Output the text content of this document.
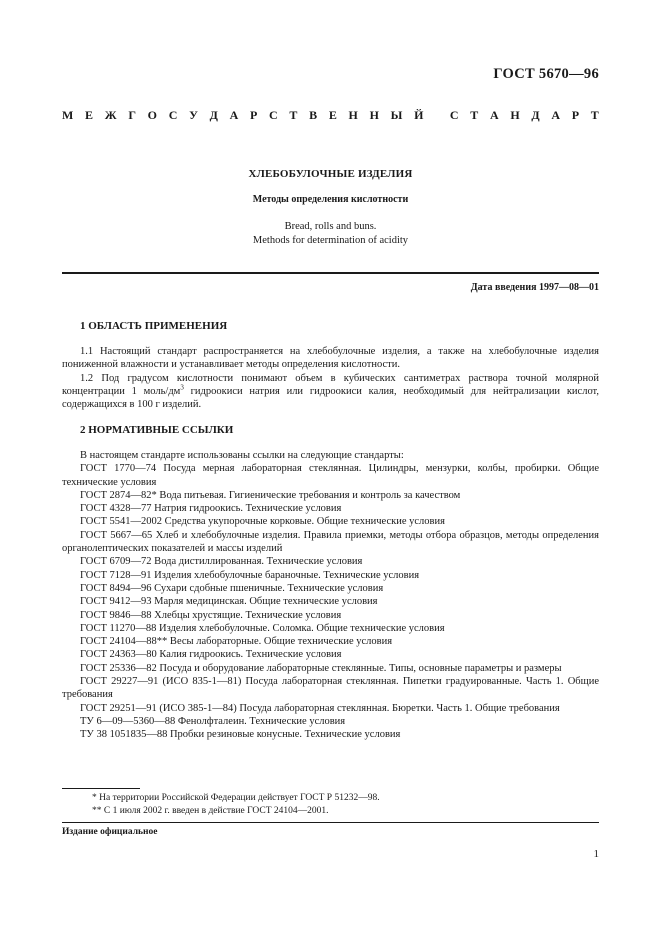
ГОСТ 5670—96
М Е Ж Г О С У Д А Р С Т В Е Н Н Ы Й
С Т А Н Д А Р Т
ХЛЕБОБУЛОЧНЫЕ ИЗДЕЛИЯ
Методы определения кислотности
Bread, rolls and buns.
Methods for determination of acidity
Дата введения 1997—08—01
1 ОБЛАСТЬ ПРИМЕНЕНИЯ

1.1 Настоящий стандарт распространяется на хлебобулочные изделия, а также на хлебобулочные изделия пониженной влажности и устанавливает методы определения кислотности.

1.2 Под градусом кислотности понимают объем в кубических сантиметрах раствора точной молярной концентрации 1 моль/$дм^3$ гидроокиси натрия или гидроокиси калия, необходимый для нейтрализации кислот, содержащихся в 100 г изделий.

2 НОРМАТИВНЫЕ ССЫЛКИ

В настоящем стандарте использованы ссылки на следующие стандарты:

ГОСТ 1770—74 Посуда мерная лабораторная стеклянная. Цилиндры, мензурки, колбы, пробирки. Общие технические условия

ГОСТ 2874—82* Вода питьевая. Гигиенические требования и контроль за качеством

ГОСТ 4328—77 Натрия гидроокись. Технические условия

ГОСТ 5541—2002 Средства укупорочные корковые. Общие технические условия

ГОСТ 5667—65 Хлеб и хлебобулочные изделия. Правила приемки, методы отбора образцов, методы определения органолептических показателей и массы изделий

ГОСТ 6709—72 Вода дистиллированная. Технические условия

ГОСТ 7128—91 Изделия хлебобулочные бараночные. Технические условия

ГОСТ 8494—96 Сухари сдобные пшеничные. Технические условия

ГОСТ 9412—93 Марля медицинская. Общие технические условия

ГОСТ 9846—88 Хлебцы хрустящие. Технические условия

ГОСТ 11270—88 Изделия хлебобулочные. Соломка. Общие технические условия

ГОСТ 24104—88** Весы лабораторные. Общие технические условия

ГОСТ 24363—80 Калия гидроокись. Технические условия

ГОСТ 25336—82 Посуда и оборудование лабораторные стеклянные. Типы, основные параметры и размеры

ГОСТ 29227—91 (ИСО 835-1—81) Посуда лабораторная стеклянная. Пипетки градуированные. Часть 1. Общие требования

ГОСТ 29251—91 (ИСО 385-1—84) Посуда лабораторная стеклянная. Бюретки. Часть 1. Общие требования

ТУ 6—09—5360—88 Фенолфталеин. Технические условия

ТУ 38 1051835—88 Пробки резиновые конусные. Технические условия

* На территории Российской Федерации действует ГОСТ Р 51232—98.

** С 1 июля 2002 г. введен в действие ГОСТ 24104—2001.

Издание официальное
1
